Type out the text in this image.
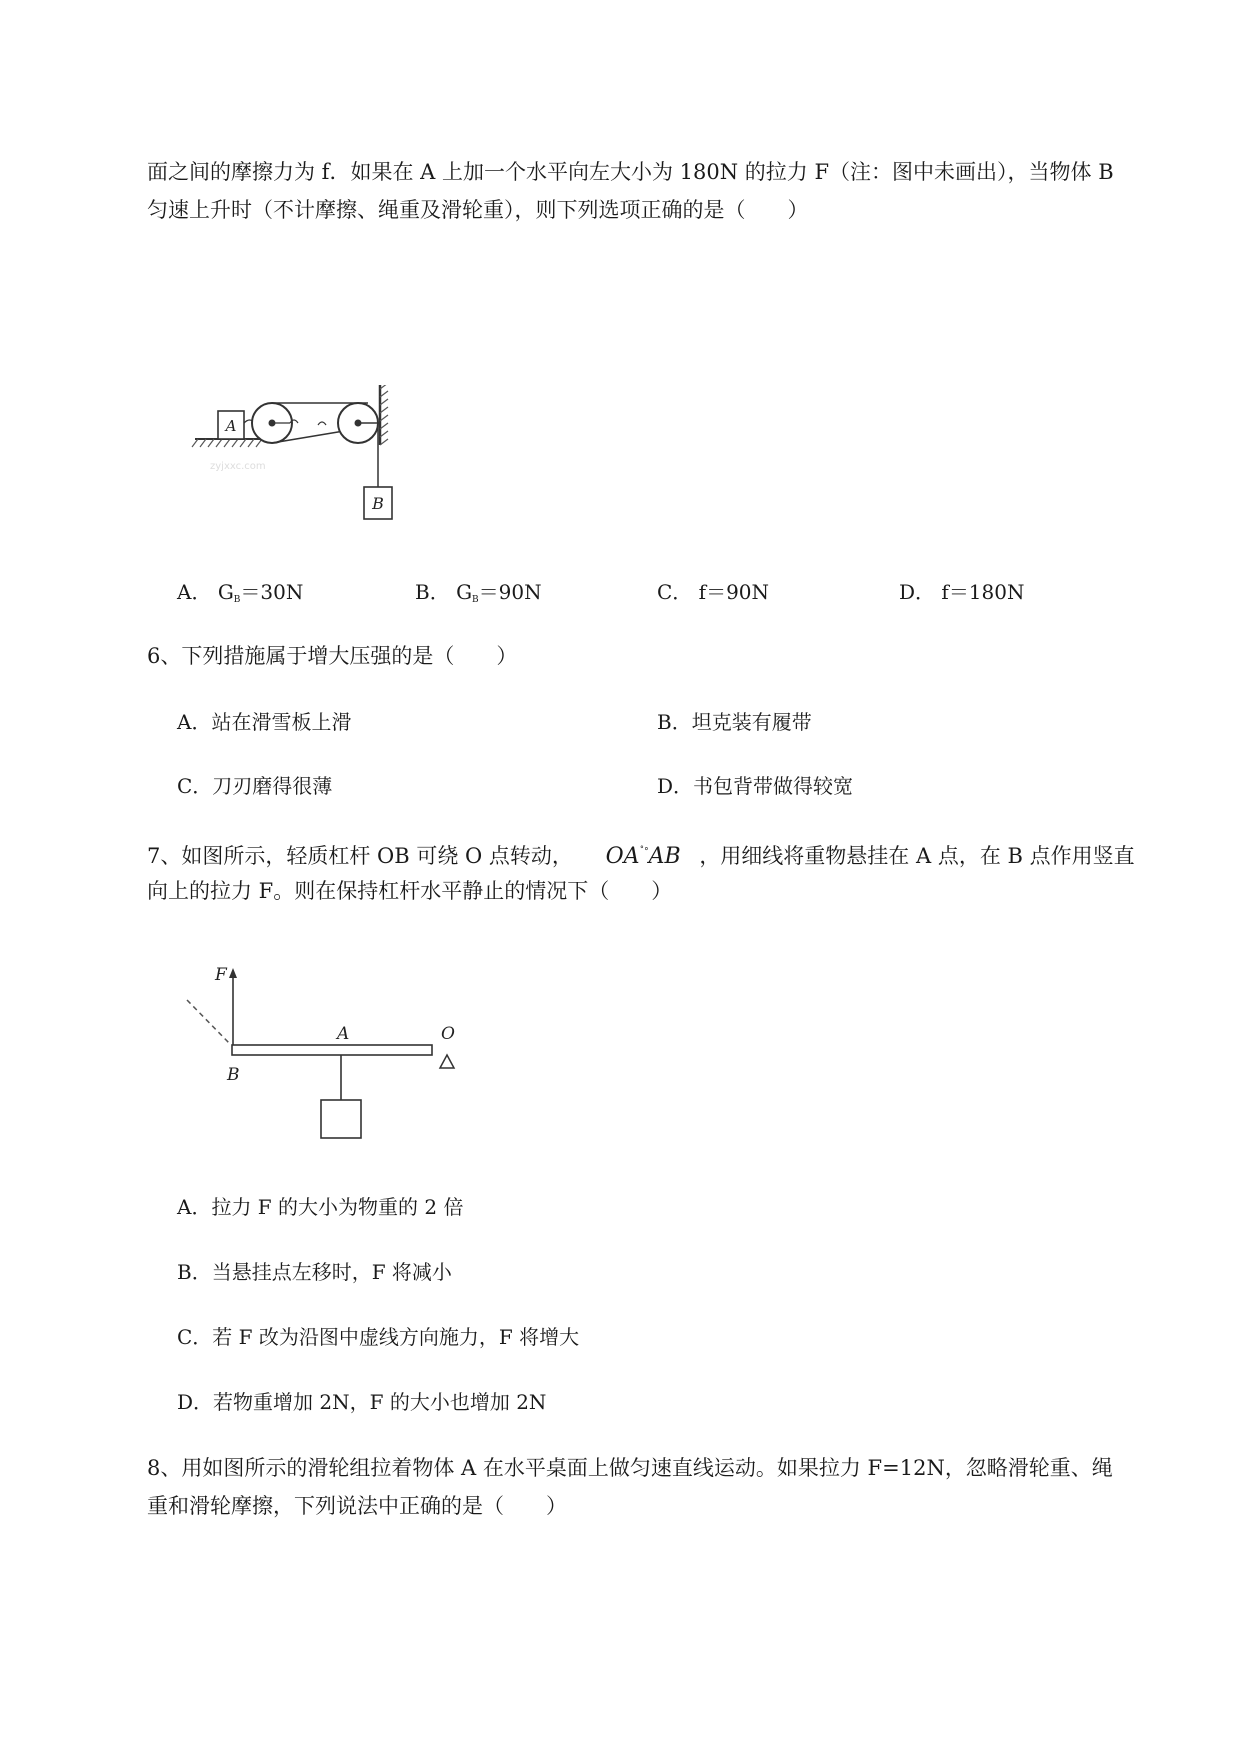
面之间的摩擦力为 f．如果在 A 上加一个水平向左大小为 180N 的拉力 F（注：图中未画出），当物体 B
匀速上升时（不计摩擦、绳重及滑轮重），则下列选项正确的是（　　）
A
B
zyjxxc.com
A． $G_B=30N$	B． $G_B=90N$	C． f＝90N	D． f＝180N
6、下列措施属于增大压强的是（　　）
A．站在滑雪板上滑	B．坦克装有履带
C．刀刃磨得很薄	D．书包背带做得较宽
7、如图所示，轻质杠杆 OB 可绕 O 点转动， OA˚°AB ，用细线将重物悬挂在 A 点，在 B 点作用竖直
向上的拉力 F。则在保持杠杆水平静止的情况下（　　）
F
A	O
B
A．拉力 F 的大小为物重的 2 倍
B．当悬挂点左移时，F 将减小
C．若 F 改为沿图中虚线方向施力，F 将增大
D．若物重增加 2N，F 的大小也增加 2N
8、用如图所示的滑轮组拉着物体 A 在水平桌面上做匀速直线运动。如果拉力 F=12N，忽略滑轮重、绳
重和滑轮摩擦，下列说法中正确的是（　　）
